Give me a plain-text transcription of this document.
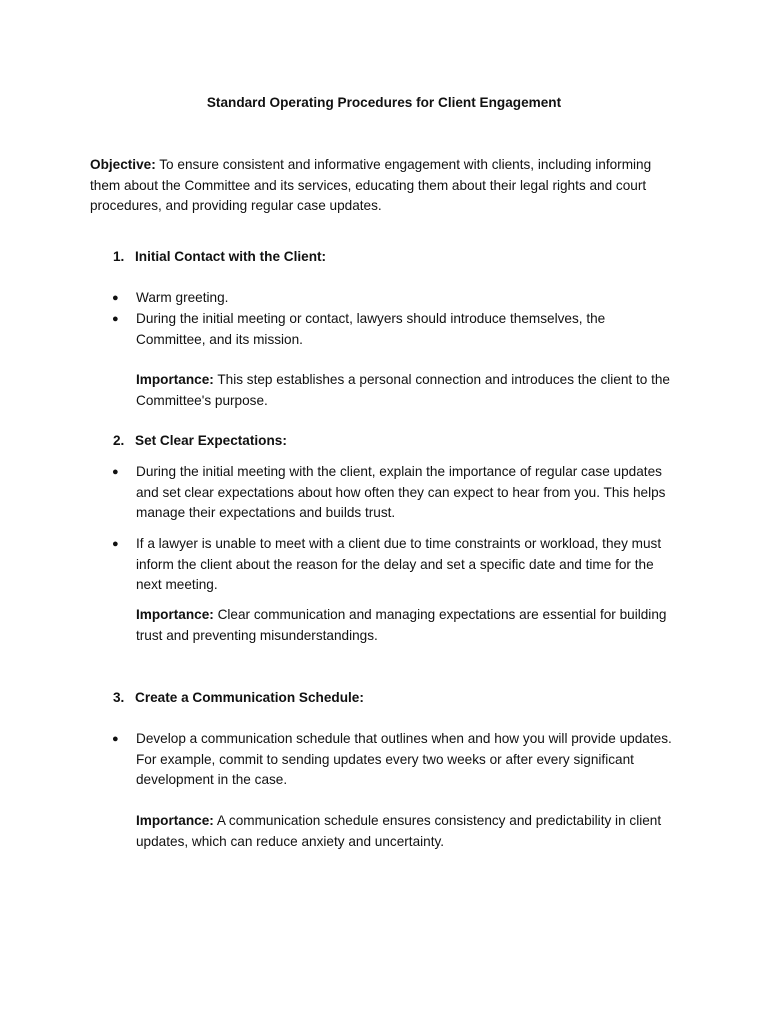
Standard Operating Procedures for Client Engagement
Objective: To ensure consistent and informative engagement with clients, including informing them about the Committee and its services, educating them about their legal rights and court procedures, and providing regular case updates.
1. Initial Contact with the Client:
●	Warm greeting.
●	During the initial meeting or contact, lawyers should introduce themselves, the Committee, and its mission.
Importance: This step establishes a personal connection and introduces the client to the Committee's purpose.
2. Set Clear Expectations:
●	During the initial meeting with the client, explain the importance of regular case updates and set clear expectations about how often they can expect to hear from you. This helps manage their expectations and builds trust.
●	If a lawyer is unable to meet with a client due to time constraints or workload, they must inform the client about the reason for the delay and set a specific date and time for the next meeting.
Importance: Clear communication and managing expectations are essential for building trust and preventing misunderstandings.
3. Create a Communication Schedule:
●	Develop a communication schedule that outlines when and how you will provide updates. For example, commit to sending updates every two weeks or after every significant development in the case.
Importance: A communication schedule ensures consistency and predictability in client updates, which can reduce anxiety and uncertainty.
